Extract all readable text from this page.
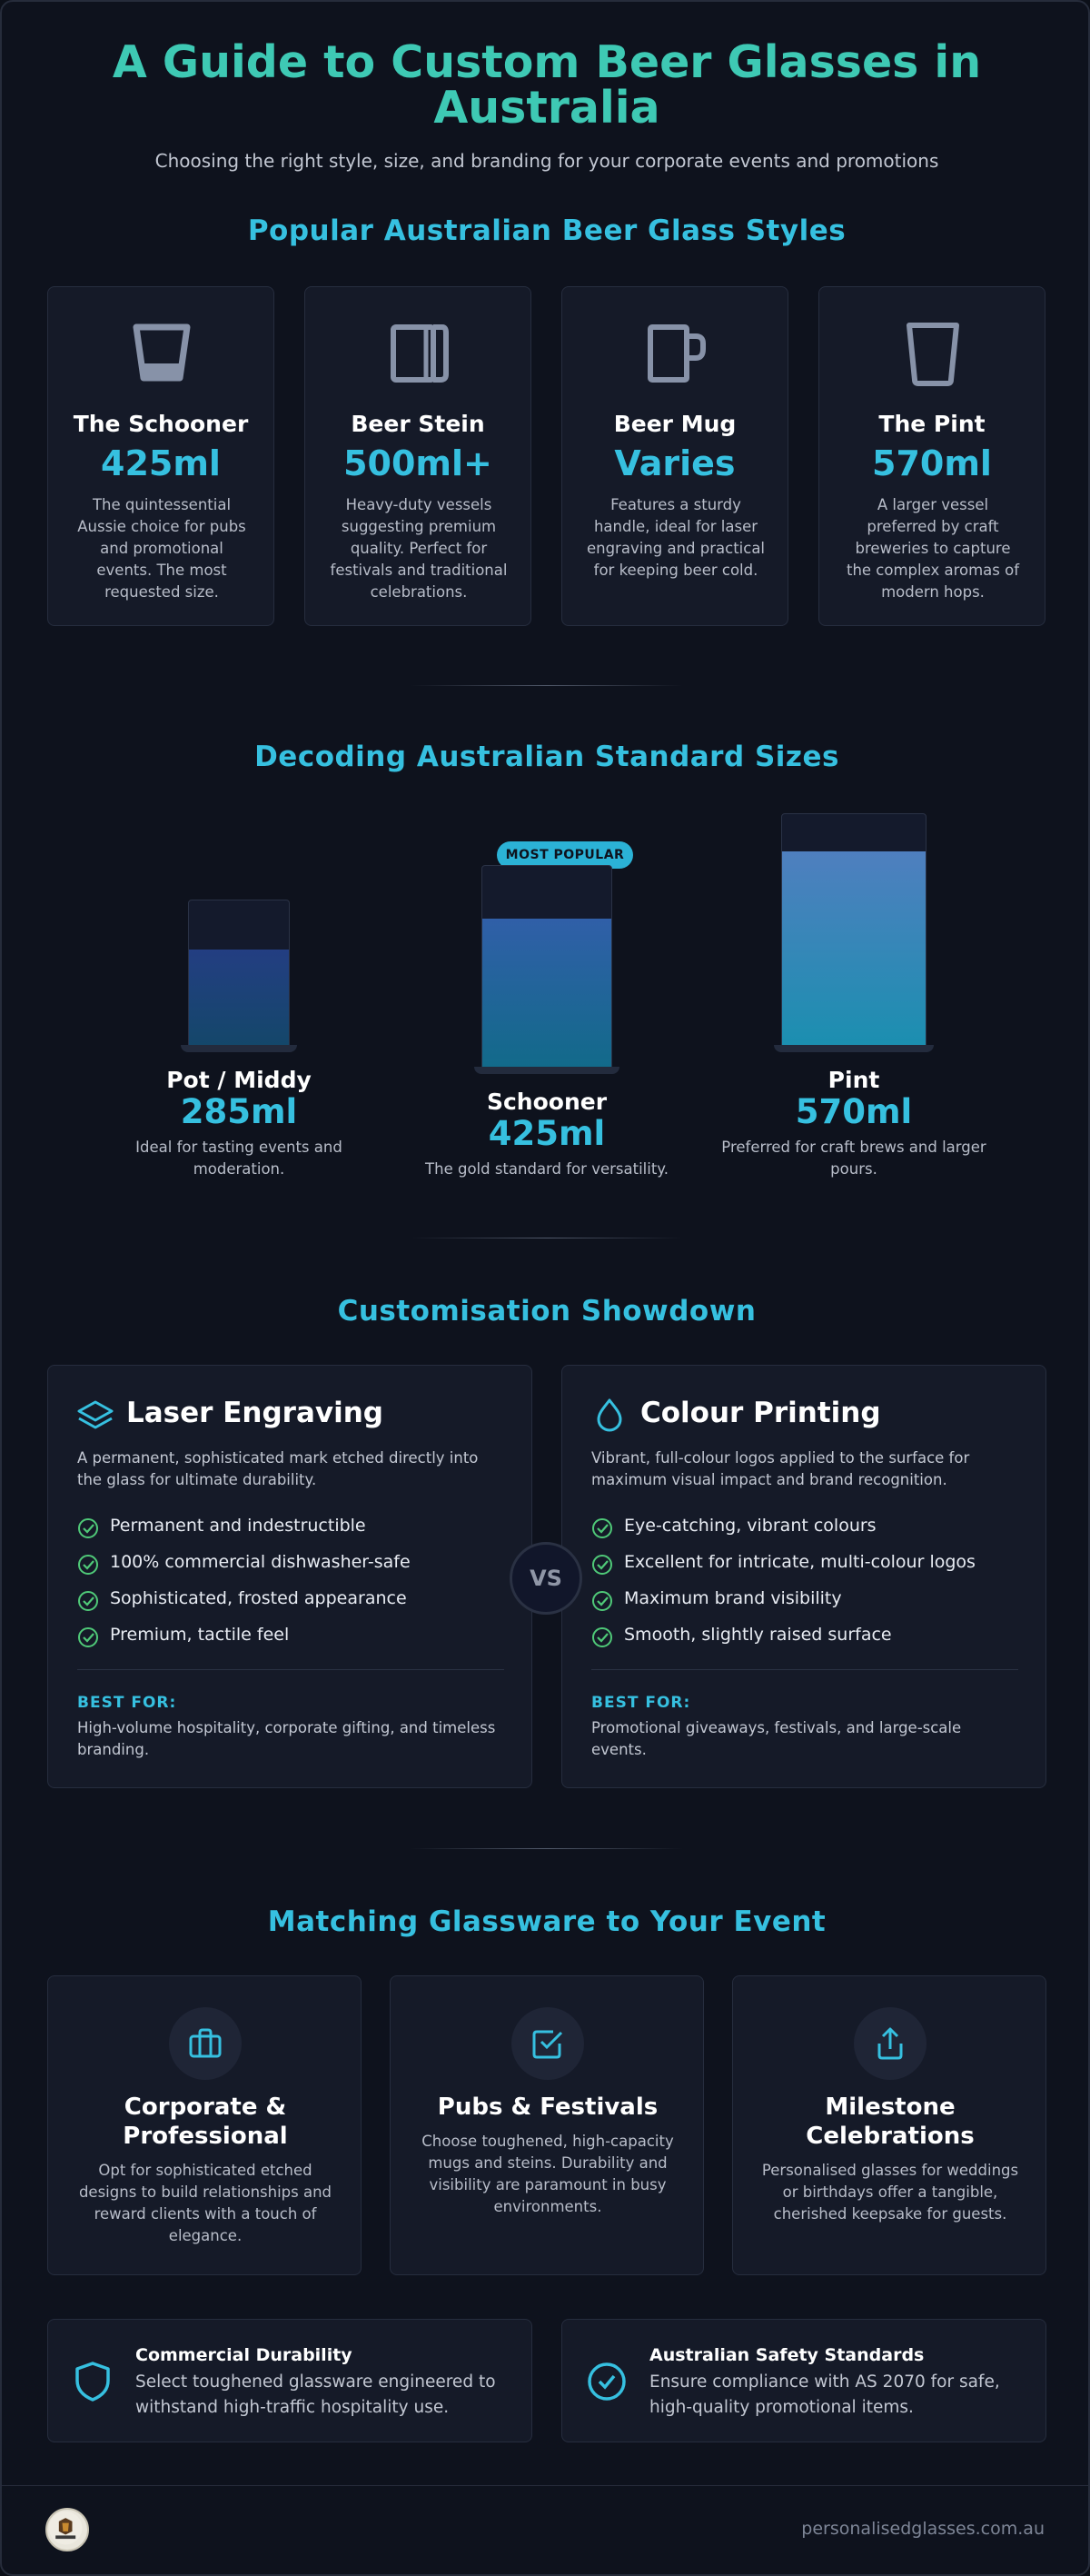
A Guide to Custom Beer Glasses in Australia
Choosing the right style, size, and branding for your corporate events and promotions
Popular Australian Beer Glass Styles
The Schooner
425ml
The quintessential Aussie choice for pubs and promotional events. The most requested size.
Beer Stein
500ml+
Heavy-duty vessels suggesting premium quality. Perfect for festivals and traditional celebrations.
Beer Mug
Varies
Features a sturdy handle, ideal for laser engraving and practical for keeping beer cold.
The Pint
570ml
A larger vessel preferred by craft breweries to capture the complex aromas of modern hops.
Decoding Australian Standard Sizes
Pot / Middy
285ml
Ideal for tasting events and moderation.
MOST POPULAR
Schooner
425ml
The gold standard for versatility.
Pint
570ml
Preferred for craft brews and larger pours.
Customisation Showdown
Laser Engraving
A permanent, sophisticated mark etched directly into the glass for ultimate durability.
Permanent and indestructible
100% commercial dishwasher-safe
Sophisticated, frosted appearance
Premium, tactile feel
BEST FOR:
High-volume hospitality, corporate gifting, and timeless branding.
Colour Printing
Vibrant, full-colour logos applied to the surface for maximum visual impact and brand recognition.
Eye-catching, vibrant colours
Excellent for intricate, multi-colour logos
Maximum brand visibility
Smooth, slightly raised surface
BEST FOR:
Promotional giveaways, festivals, and large-scale events.
VS
Matching Glassware to Your Event
Corporate & Professional
Opt for sophisticated etched designs to build relationships and reward clients with a touch of elegance.
Pubs & Festivals
Choose toughened, high-capacity mugs and steins. Durability and visibility are paramount in busy environments.
Milestone Celebrations
Personalised glasses for weddings or birthdays offer a tangible, cherished keepsake for guests.
Commercial Durability
Select toughened glassware engineered to withstand high-traffic hospitality use.
Australian Safety Standards
Ensure compliance with AS 2070 for safe, high-quality promotional items.
personalisedglasses.com.au
